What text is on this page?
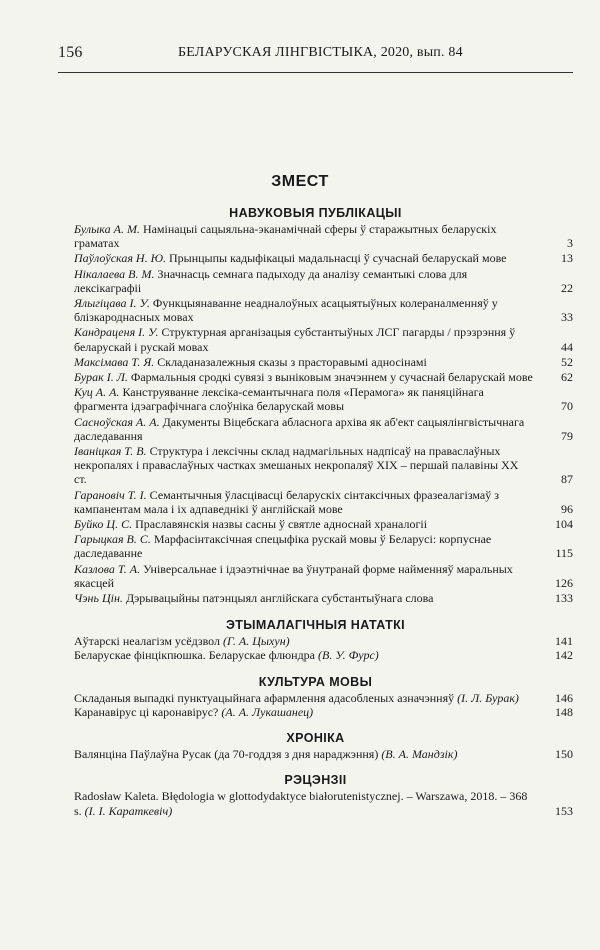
156	БЕЛАРУСКАЯ ЛІНГВІСТЫКА, 2020, вып. 84
ЗМЕСТ
НАВУКОВЫЯ ПУБЛІКАЦЫІ
Булыка А. М. Намінацыі сацыяльна-эканамічнай сферы ў старажытных беларускіх граматах	3
Паўлоўская Н. Ю. Прынцыпы кадыфікацыі мадальнасці ў сучаснай беларускай мове	13
Нікалаева В. М. Значнасць семнага падыходу да аналізу семантыкі слова для лексікаграфіі	22
Ялыгіцава І. У. Функцыянаванне неадналоўных асацыятыўных колераналменняў у блізкароднасных мовах	33
Кандраценя І. У. Структурная арганізацыя субстантыўных ЛСГ пагарды / прэзрэння ў беларускай і рускай мовах	44
Максімава Т. Я. Складаназалежныя сказы з прасторавымі адносінамі	52
Бурак І. Л. Фармальныя сродкі сувязі з выніковым значэннем у сучаснай беларускай мове	62
Куц А. А. Канструяванне лексіка-семантычнага поля «Перамога» як паняційнага фрагмента ідэаграфічнага слоўніка беларускай мовы	70
Сасноўская А. А. Дакументы Віцебскага абласнога архіва як аб'ект сацыялінгвістычнага даследавання	79
Іваніцкая Т. В. Структура і лексічны склад надмагільных надпісаў на праваслаўных некропалях і праваслаўных частках змешаных некропаляў XIX – першай палавіны XX ст.	87
Гарановіч Т. І. Семантычныя ўласцівасці беларускіх сінтаксічных фразеалагізмаў з кампанентам мала і іх адпаведнікі ў англійскай мове	96
Буйко Ц. С. Праславянскія назвы сасны ў святле адноснай храналогіі	104
Гарыцкая В. С. Марфасінтаксічная спецыфіка рускай мовы ў Беларусі: корпуснае даследаванне	115
Казлова Т. А. Універсальнае і ідэаэтнічнае ва ўнутранай форме найменняў маральных якасцей	126
Чэнь Цін. Дэрывацыйны патэнцыял англійскага субстантыўнага слова	133
ЭТЫМАЛАГІЧНЫЯ НАТАТКІ
Аўтарскі неалагізм усёдзвол (Г. А. Цыхун)	141
Беларускае фінцікпюшка. Беларускае флюндра (В. У. Фурс)	142
КУЛЬТУРА МОВЫ
Складаныя выпадкі пунктуацыйнага афармлення адасобленых азначэнняў (І. Л. Бурак)	146
Каранавірус ці каронавірус? (А. А. Лукашанец)	148
ХРОНІКА
Валянціна Паўлаўна Русак (да 70-годдзя з дня нараджэння) (В. А. Мандзік)	150
РЭЦЭНЗІІ
Radosław Kaleta. Błędologia w glottodydaktyce białorutenistycznej. – Warszawa, 2018. – 368 s. (І. І. Караткевіч)	153
